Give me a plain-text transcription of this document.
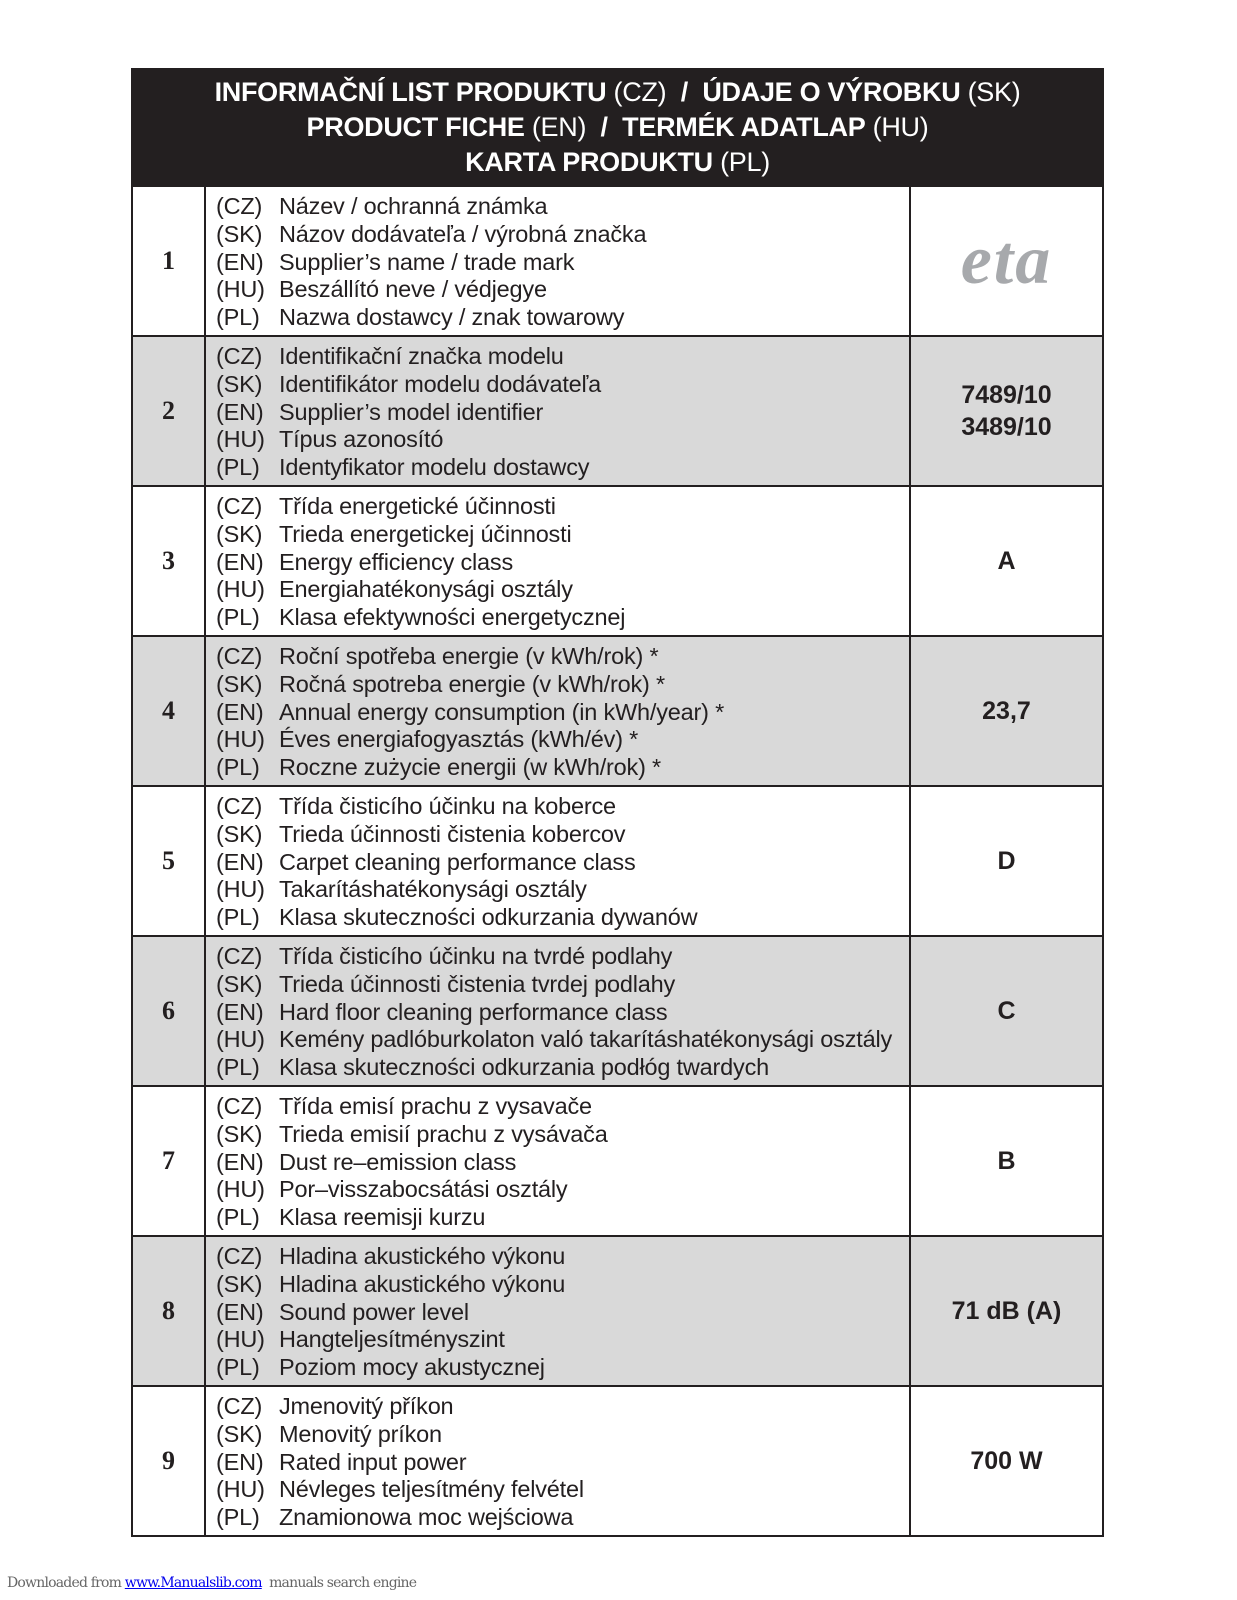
INFORMAČNÍ LIST PRODUKTU (CZ)  /  ÚDAJE O VÝROBKU (SK)
PRODUCT FICHE (EN)  /  TERMÉK ADATLAP (HU)
KARTA PRODUKTU (PL)
1
(CZ) Název / ochranná známka
(SK) Názov dodávateľa / výrobná značka
(EN) Supplier’s name / trade mark
(HU) Beszállító neve / védjegye
(PL) Nazwa dostawcy / znak towarowy
eta
2
(CZ) Identifikační značka modelu
(SK) Identifikátor modelu dodávateľa
(EN) Supplier’s model identifier
(HU) Típus azonosító
(PL) Identyfikator modelu dostawcy
7489/10
3489/10
3
(CZ) Třída energetické účinnosti
(SK) Trieda energetickej účinnosti
(EN) Energy efficiency class
(HU) Energiahatékonysági osztály
(PL) Klasa efektywności energetycznej
A
4
(CZ) Roční spotřeba energie (v kWh/rok) *
(SK) Ročná spotreba energie (v kWh/rok) *
(EN) Annual energy consumption (in kWh/year) *
(HU) Éves energiafogyasztás (kWh/év) *
(PL) Roczne zużycie energii (w kWh/rok) *
23,7
5
(CZ) Třída čisticího účinku na koberce
(SK) Trieda účinnosti čistenia kobercov
(EN) Carpet cleaning performance class
(HU) Takarításhatékonysági osztály
(PL) Klasa skuteczności odkurzania dywanów
D
6
(CZ) Třída čisticího účinku na tvrdé podlahy
(SK) Trieda účinnosti čistenia tvrdej podlahy
(EN) Hard floor cleaning performance class
(HU) Kemény padlóburkolaton való takarításhatékonysági osztály
(PL) Klasa skuteczności odkurzania podłóg twardych
C
7
(CZ) Třída emisí prachu z vysavače
(SK) Trieda emisií prachu z vysávača
(EN) Dust re–emission class
(HU) Por–visszabocsátási osztály
(PL) Klasa reemisji kurzu
B
8
(CZ) Hladina akustického výkonu
(SK) Hladina akustického výkonu
(EN) Sound power level
(HU) Hangteljesítményszint
(PL) Poziom mocy akustycznej
71 dB (A)
9
(CZ) Jmenovitý příkon
(SK) Menovitý príkon
(EN) Rated input power
(HU) Névleges teljesítmény felvétel
(PL) Znamionowa moc wejściowa
700 W
Downloaded from www.Manualslib.com  manuals search engine
